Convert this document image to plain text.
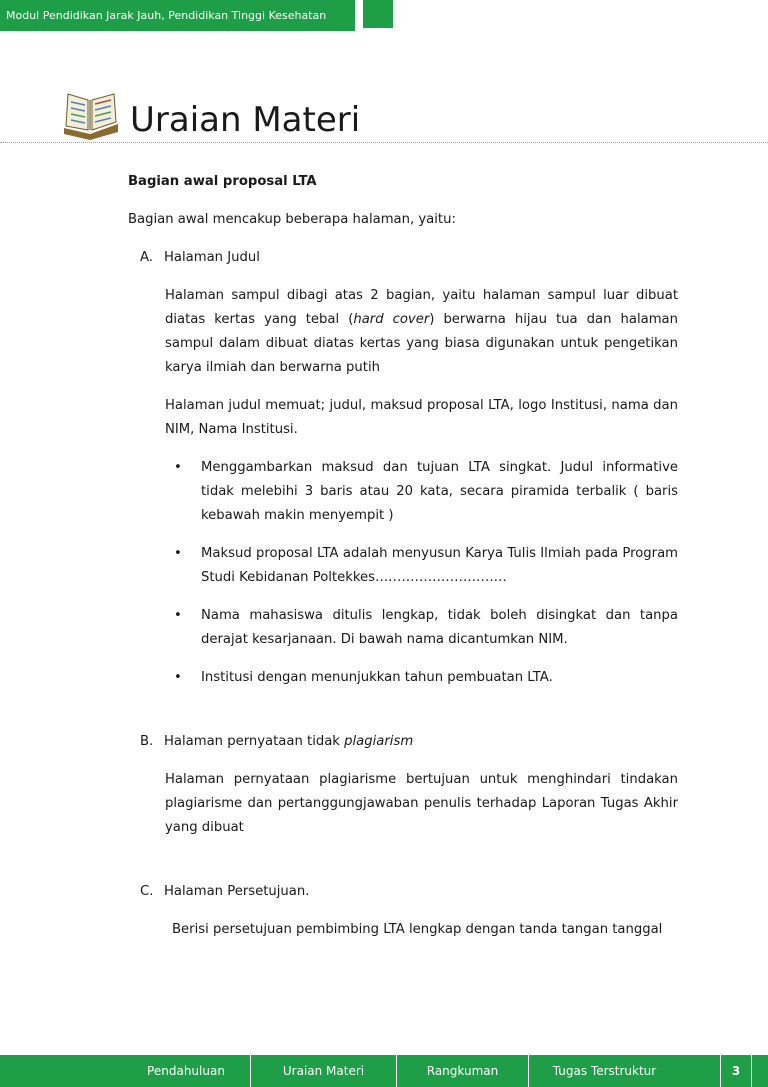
Modul Pendidikan Jarak Jauh, Pendidikan Tinggi Kesehatan
Uraian Materi

Bagian awal proposal LTA

Bagian awal mencakup beberapa halaman, yaitu:

A. Halaman Judul

Halaman sampul dibagi atas 2 bagian, yaitu halaman sampul luar dibuat diatas kertas yang tebal (hard cover) berwarna hijau tua dan halaman sampul dalam dibuat diatas kertas yang biasa digunakan untuk pengetikan karya ilmiah dan berwarna putih

Halaman judul memuat; judul, maksud proposal LTA, logo Institusi, nama dan NIM, Nama Institusi.

• Menggambarkan maksud dan tujuan LTA singkat. Judul informative tidak melebihi 3 baris atau 20 kata, secara piramida terbalik ( baris kebawah makin menyempit )
• Maksud proposal LTA adalah menyusun Karya Tulis Ilmiah pada Program Studi Kebidanan Poltekkes…………………………
• Nama mahasiswa ditulis lengkap, tidak boleh disingkat dan tanpa derajat kesarjanaan. Di bawah nama dicantumkan NIM.
• Institusi dengan menunjukkan tahun pembuatan LTA.
B. Halaman pernyataan tidak plagiarism

Halaman pernyataan plagiarisme bertujuan untuk menghindari tindakan plagiarisme dan pertanggungjawaban penulis terhadap Laporan Tugas Akhir yang dibuat

C. Halaman Persetujuan.

Berisi persetujuan pembimbing LTA lengkap dengan tanda tangan tanggal

Pendahuluan	Uraian Materi	Rangkuman	Tugas Terstruktur	3
